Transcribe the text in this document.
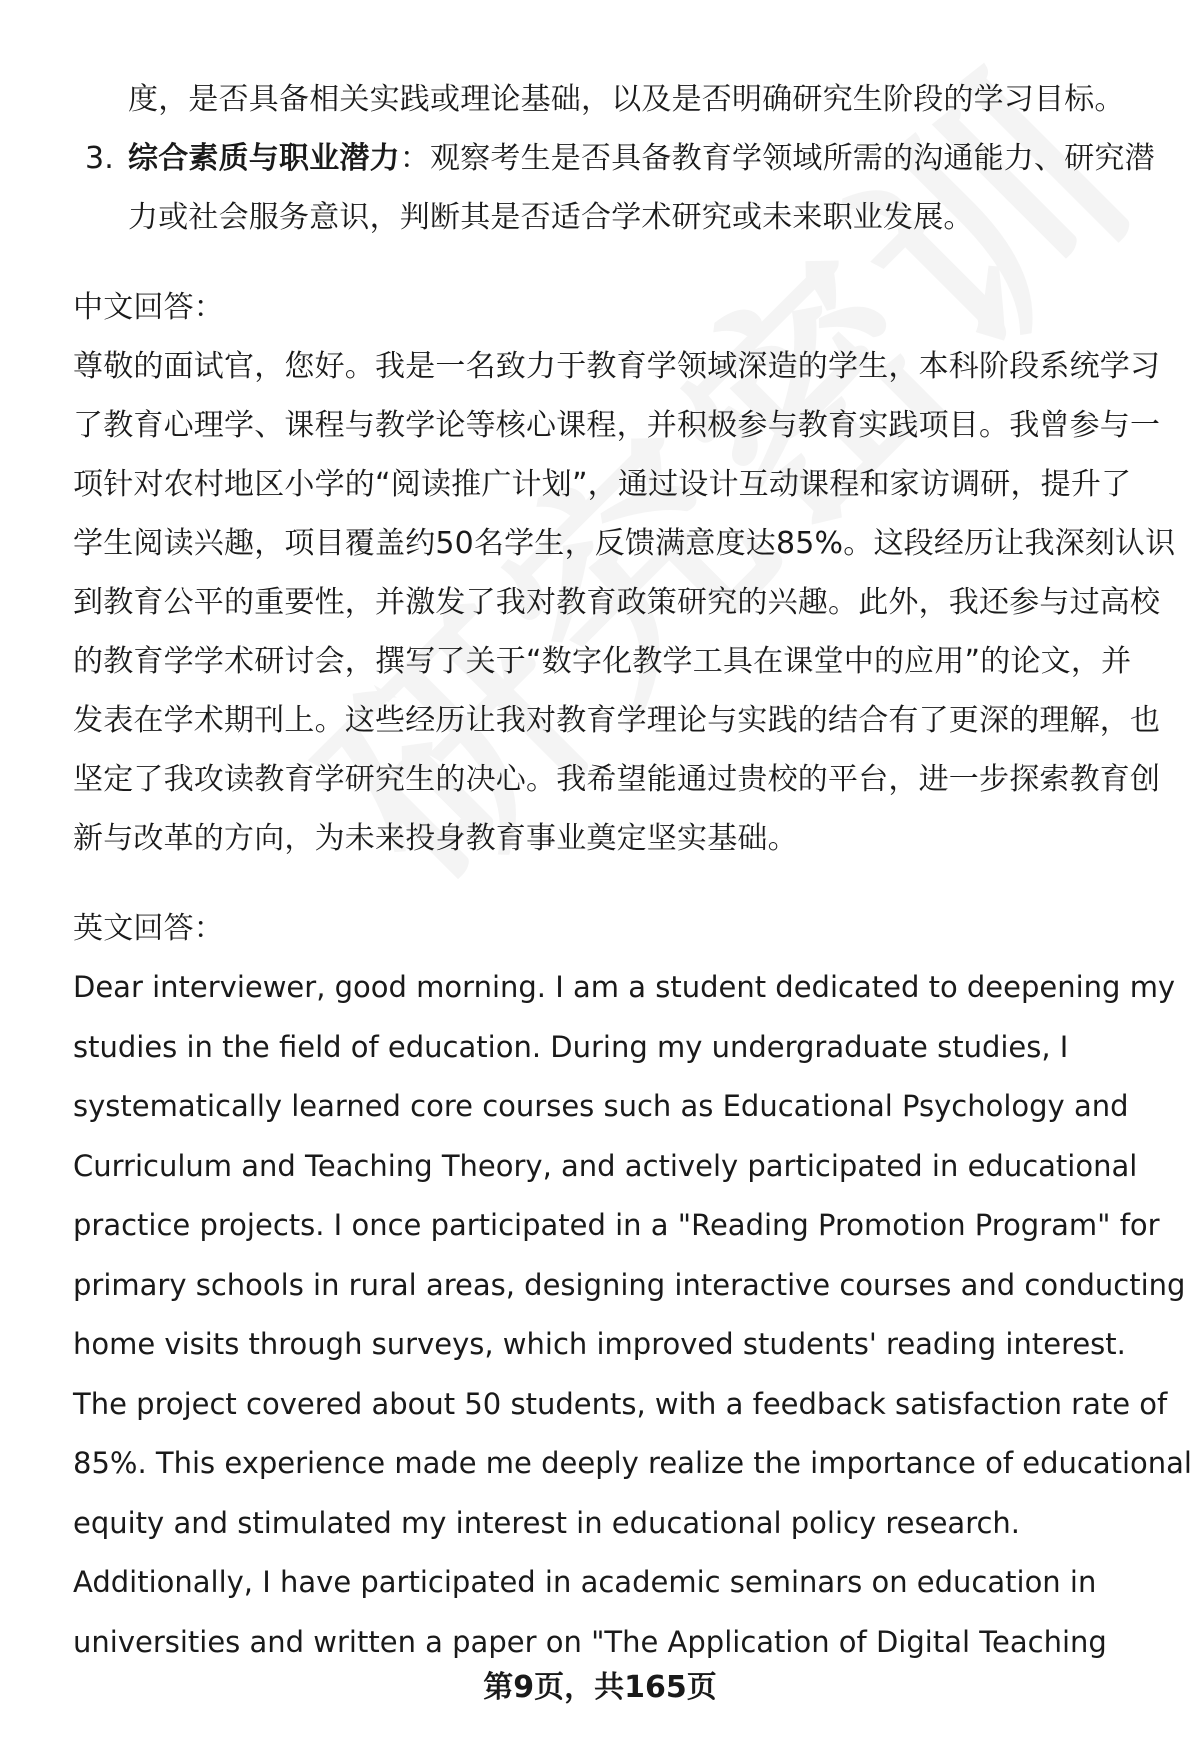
度，是否具备相关实践或理论基础，以及是否明确研究生阶段的学习目标。
3. 综合素质与职业潜力：观察考生是否具备教育学领域所需的沟通能力、研究潜
力或社会服务意识，判断其是否适合学术研究或未来职业发展。
中文回答：
尊敬的面试官，您好。我是一名致力于教育学领域深造的学生，本科阶段系统学习
了教育心理学、课程与教学论等核心课程，并积极参与教育实践项目。我曾参与一
项针对农村地区小学的“阅读推广计划”，通过设计互动课程和家访调研，提升了
学生阅读兴趣，项目覆盖约50名学生，反馈满意度达85%。这段经历让我深刻认识
到教育公平的重要性，并激发了我对教育政策研究的兴趣。此外，我还参与过高校
的教育学学术研讨会，撰写了关于“数字化教学工具在课堂中的应用”的论文，并
发表在学术期刊上。这些经历让我对教育学理论与实践的结合有了更深的理解，也
坚定了我攻读教育学研究生的决心。我希望能通过贵校的平台，进一步探索教育创
新与改革的方向，为未来投身教育事业奠定坚实基础。
英文回答：
Dear interviewer, good morning. I am a student dedicated to deepening my
studies in the field of education. During my undergraduate studies, I
systematically learned core courses such as Educational Psychology and
Curriculum and Teaching Theory, and actively participated in educational
practice projects. I once participated in a "Reading Promotion Program" for
primary schools in rural areas, designing interactive courses and conducting
home visits through surveys, which improved students' reading interest.
The project covered about 50 students, with a feedback satisfaction rate of
85%. This experience made me deeply realize the importance of educational
equity and stimulated my interest in educational policy research.
Additionally, I have participated in academic seminars on education in
universities and written a paper on "The Application of Digital Teaching
第9页，共165页
